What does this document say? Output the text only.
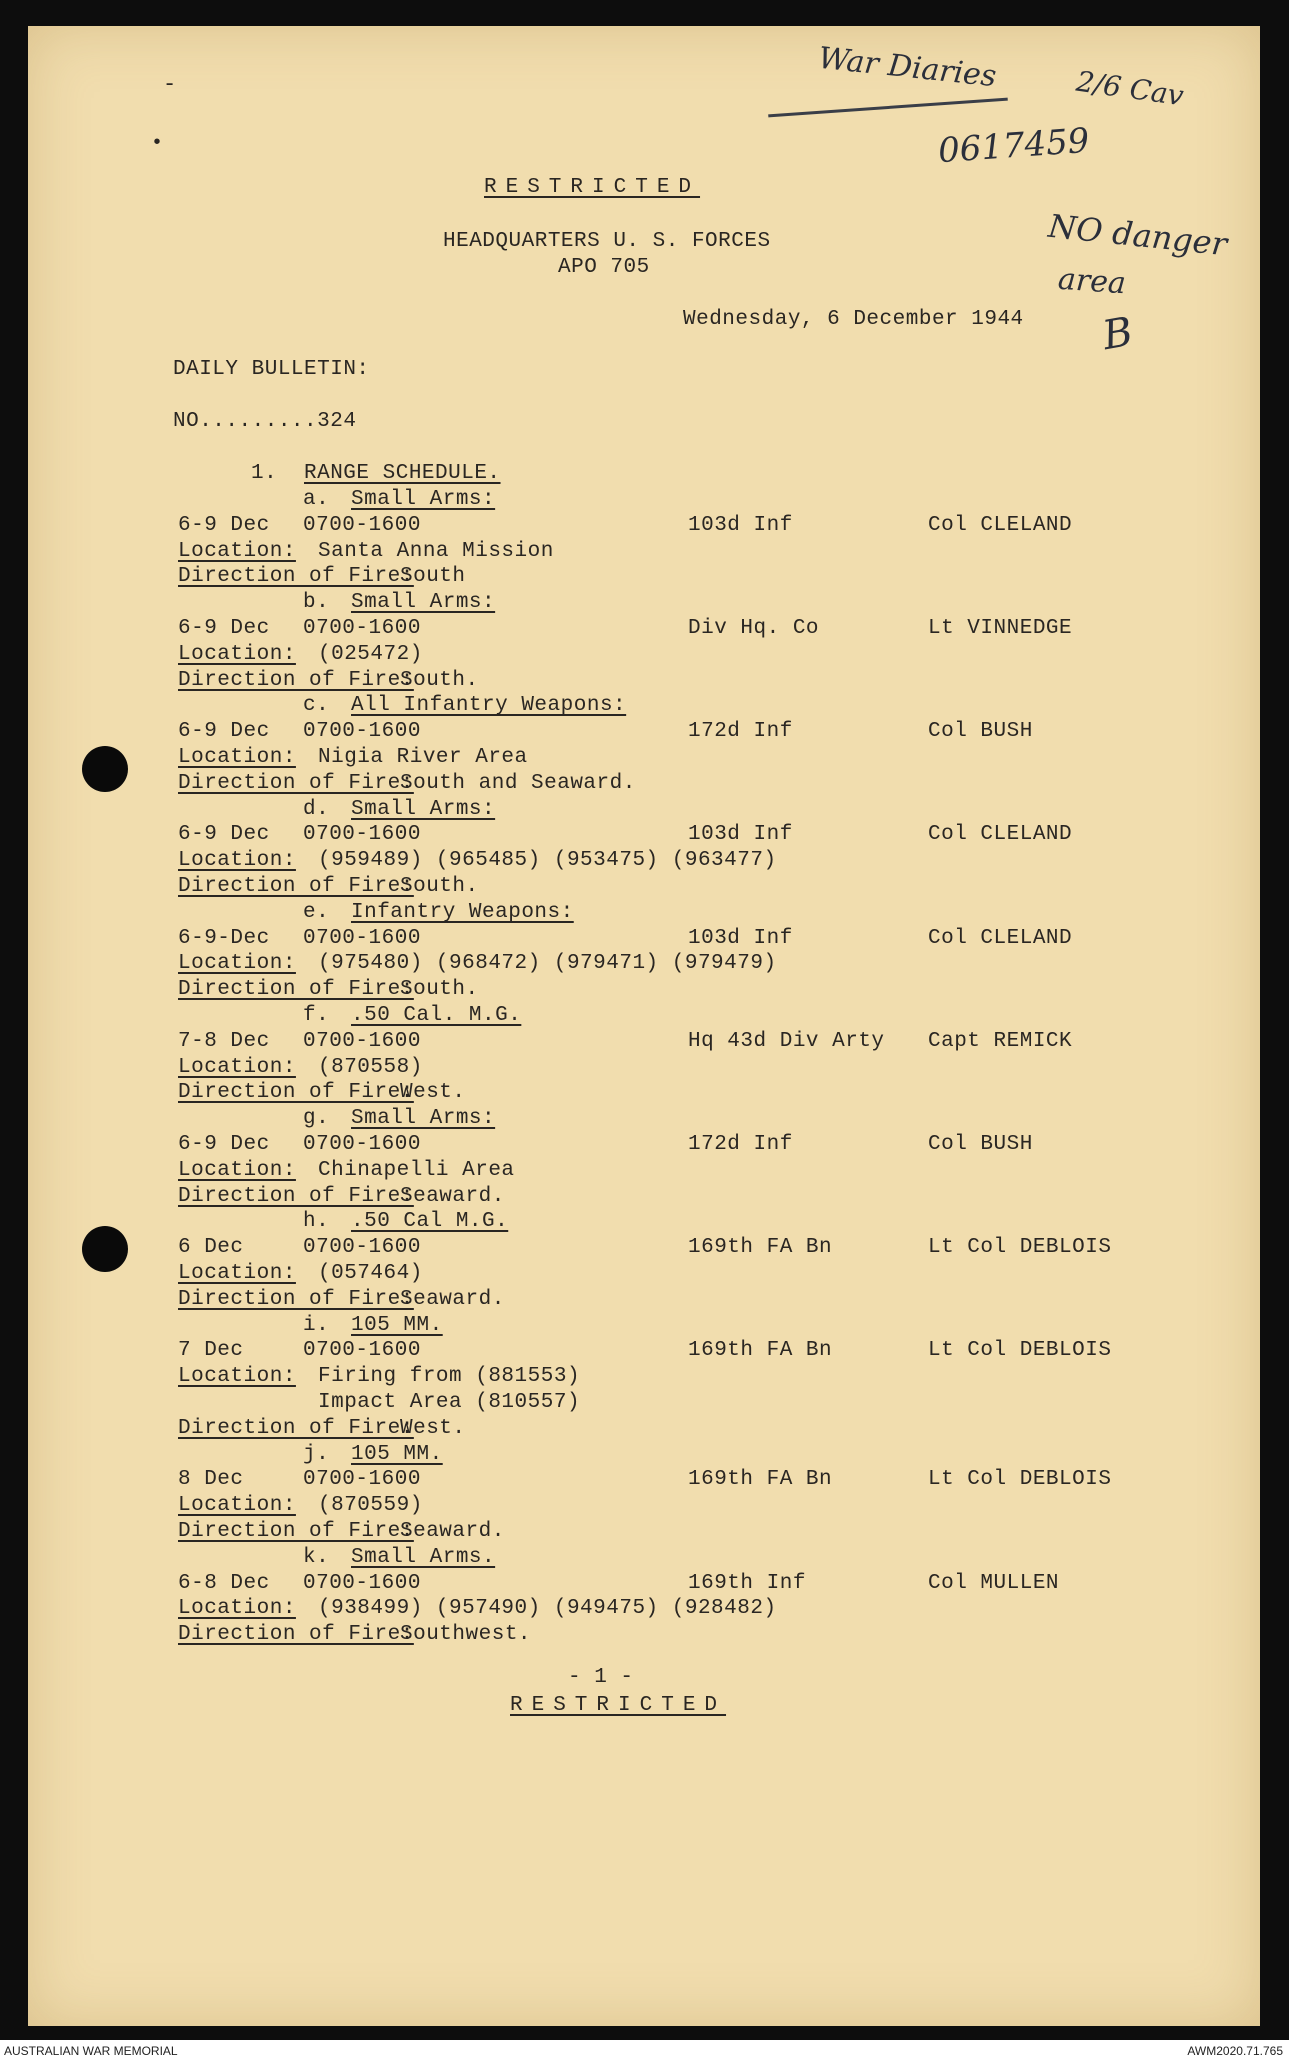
-
•
War Diaries	2/6 Cav
0617459
NO danger
area
B
RESTRICTED
HEADQUARTERS U. S. FORCES
APO 705
Wednesday, 6 December 1944
DAILY BULLETIN:
NO.........324
1. RANGE SCHEDULE.
a. Small Arms:
6-9 Dec 0700-1600	103d Inf	Col CLELAND
Location: Santa Anna Mission
Direction of Fire:
South
b. Small Arms:
6-9 Dec 0700-1600	Div Hq. Co	Lt VINNEDGE
Location: (025472)
Direction of Fire:
South.
c. All Infantry Weapons:
6-9 Dec 0700-1600	172d Inf	Col BUSH
Location: Nigia River Area
Direction of Fire:
South and Seaward.
d. Small Arms:
6-9 Dec 0700-1600	103d Inf	Col CLELAND
Location: (959489) (965485) (953475) (963477)
Direction of Fire:
South.
e. Infantry Weapons:
6-9-Dec 0700-1600	103d Inf	Col CLELAND
Location: (975480) (968472) (979471) (979479)
Direction of Fire:
South.
f. .50 Cal. M.G.
7-8 Dec 0700-1600	Hq 43d Div Arty Capt REMICK
Location: (870558)
Direction of Fire:
West.
g. Small Arms:
6-9 Dec 0700-1600	172d Inf	Col BUSH
Location: Chinapelli Area
Direction of Fire:
Seaward.
h. .50 Cal M.G.
6 Dec	0700-1600	169th FA Bn	Lt Col DEBLOIS
Location: (057464)
Direction of Fire:
Seaward.
i. 105 MM.
7 Dec	0700-1600	169th FA Bn	Lt Col DEBLOIS
Location: Firing from (881553)
Impact Area (810557)
Direction of Fire:
West.
j. 105 MM.
8 Dec	0700-1600	169th FA Bn	Lt Col DEBLOIS
Location: (870559)
Direction of Fire:
Seaward.
k. Small Arms.
6-8 Dec 0700-1600	169th Inf	Col MULLEN
Location: (938499) (957490) (949475) (928482)
Direction of Fire:
Southwest.
- 1 -
RESTRICTED
AUSTRALIAN WAR MEMORIAL	AWM2020.71.765
